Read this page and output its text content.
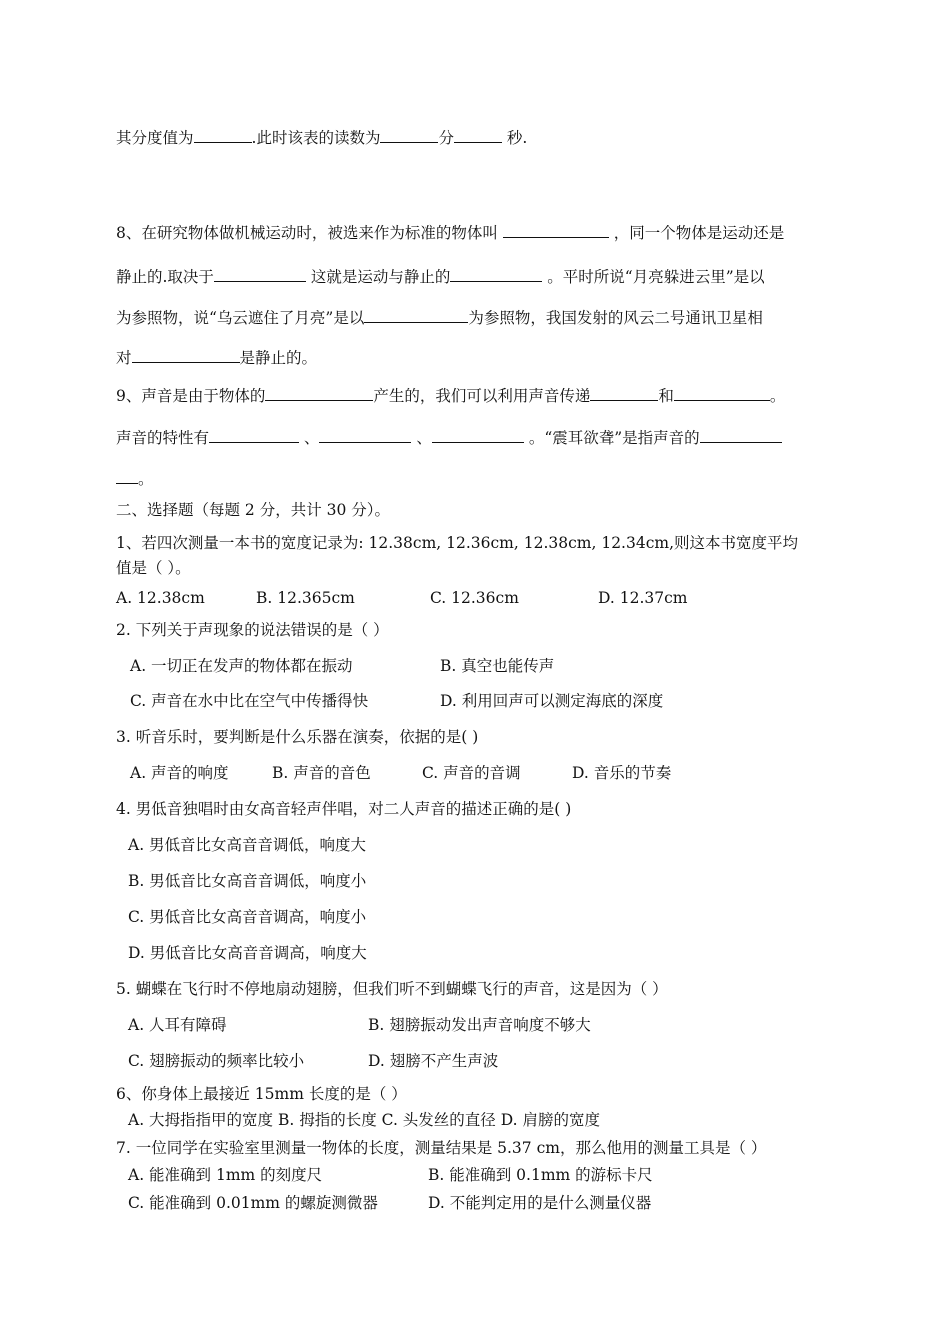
其分度值为	.此时该表的读数为	分	秒.
8、在研究物体做机械运动时，被选来作为标准的物体叫	，同一个物体是运动还是
静止的.取决于	这就是运动与静止的	。平时所说“月亮躲进云里”是以
为参照物，说“乌云遮住了月亮”是以	为参照物，我国发射的风云二号通讯卫星相
对	是静止的。
9、声音是由于物体的	产生的，我们可以利用声音传递	和	。
声音的特性有	、	、	。“震耳欲聋”是指声音的
。
二、选择题（每题 2 分，共计 30 分）。
1、若四次测量一本书的宽度记录为: 12.38cm, 12.36cm, 12.38cm, 12.34cm,则这本书宽度平均
值是（ ）。
A. 12.38cm	B. 12.365cm	C. 12.36cm	D. 12.37cm
2. 下列关于声现象的说法错误的是（ ）
A. 一切正在发声的物体都在振动	B. 真空也能传声
C. 声音在水中比在空气中传播得快	D. 利用回声可以测定海底的深度
3. 听音乐时，要判断是什么乐器在演奏，依据的是( )
A. 声音的响度	B. 声音的音色	C. 声音的音调	D. 音乐的节奏
4. 男低音独唱时由女高音轻声伴唱，对二人声音的描述正确的是( )
A. 男低音比女高音音调低，响度大
B. 男低音比女高音音调低，响度小
C. 男低音比女高音音调高，响度小
D. 男低音比女高音音调高，响度大
5. 蝴蝶在飞行时不停地扇动翅膀，但我们听不到蝴蝶飞行的声音，这是因为（ ）
A. 人耳有障碍	B. 翅膀振动发出声音响度不够大
C. 翅膀振动的频率比较小	D. 翅膀不产生声波
6、你身体上最接近 15mm 长度的是（ ）
A. 大拇指指甲的宽度 B. 拇指的长度 C. 头发丝的直径 D. 肩膀的宽度
7. 一位同学在实验室里测量一物体的长度，测量结果是 5.37 cm，那么他用的测量工具是（ ）
A. 能准确到 1mm 的刻度尺	B. 能准确到 0.1mm 的游标卡尺
C. 能准确到 0.01mm 的螺旋测微器	D. 不能判定用的是什么测量仪器
